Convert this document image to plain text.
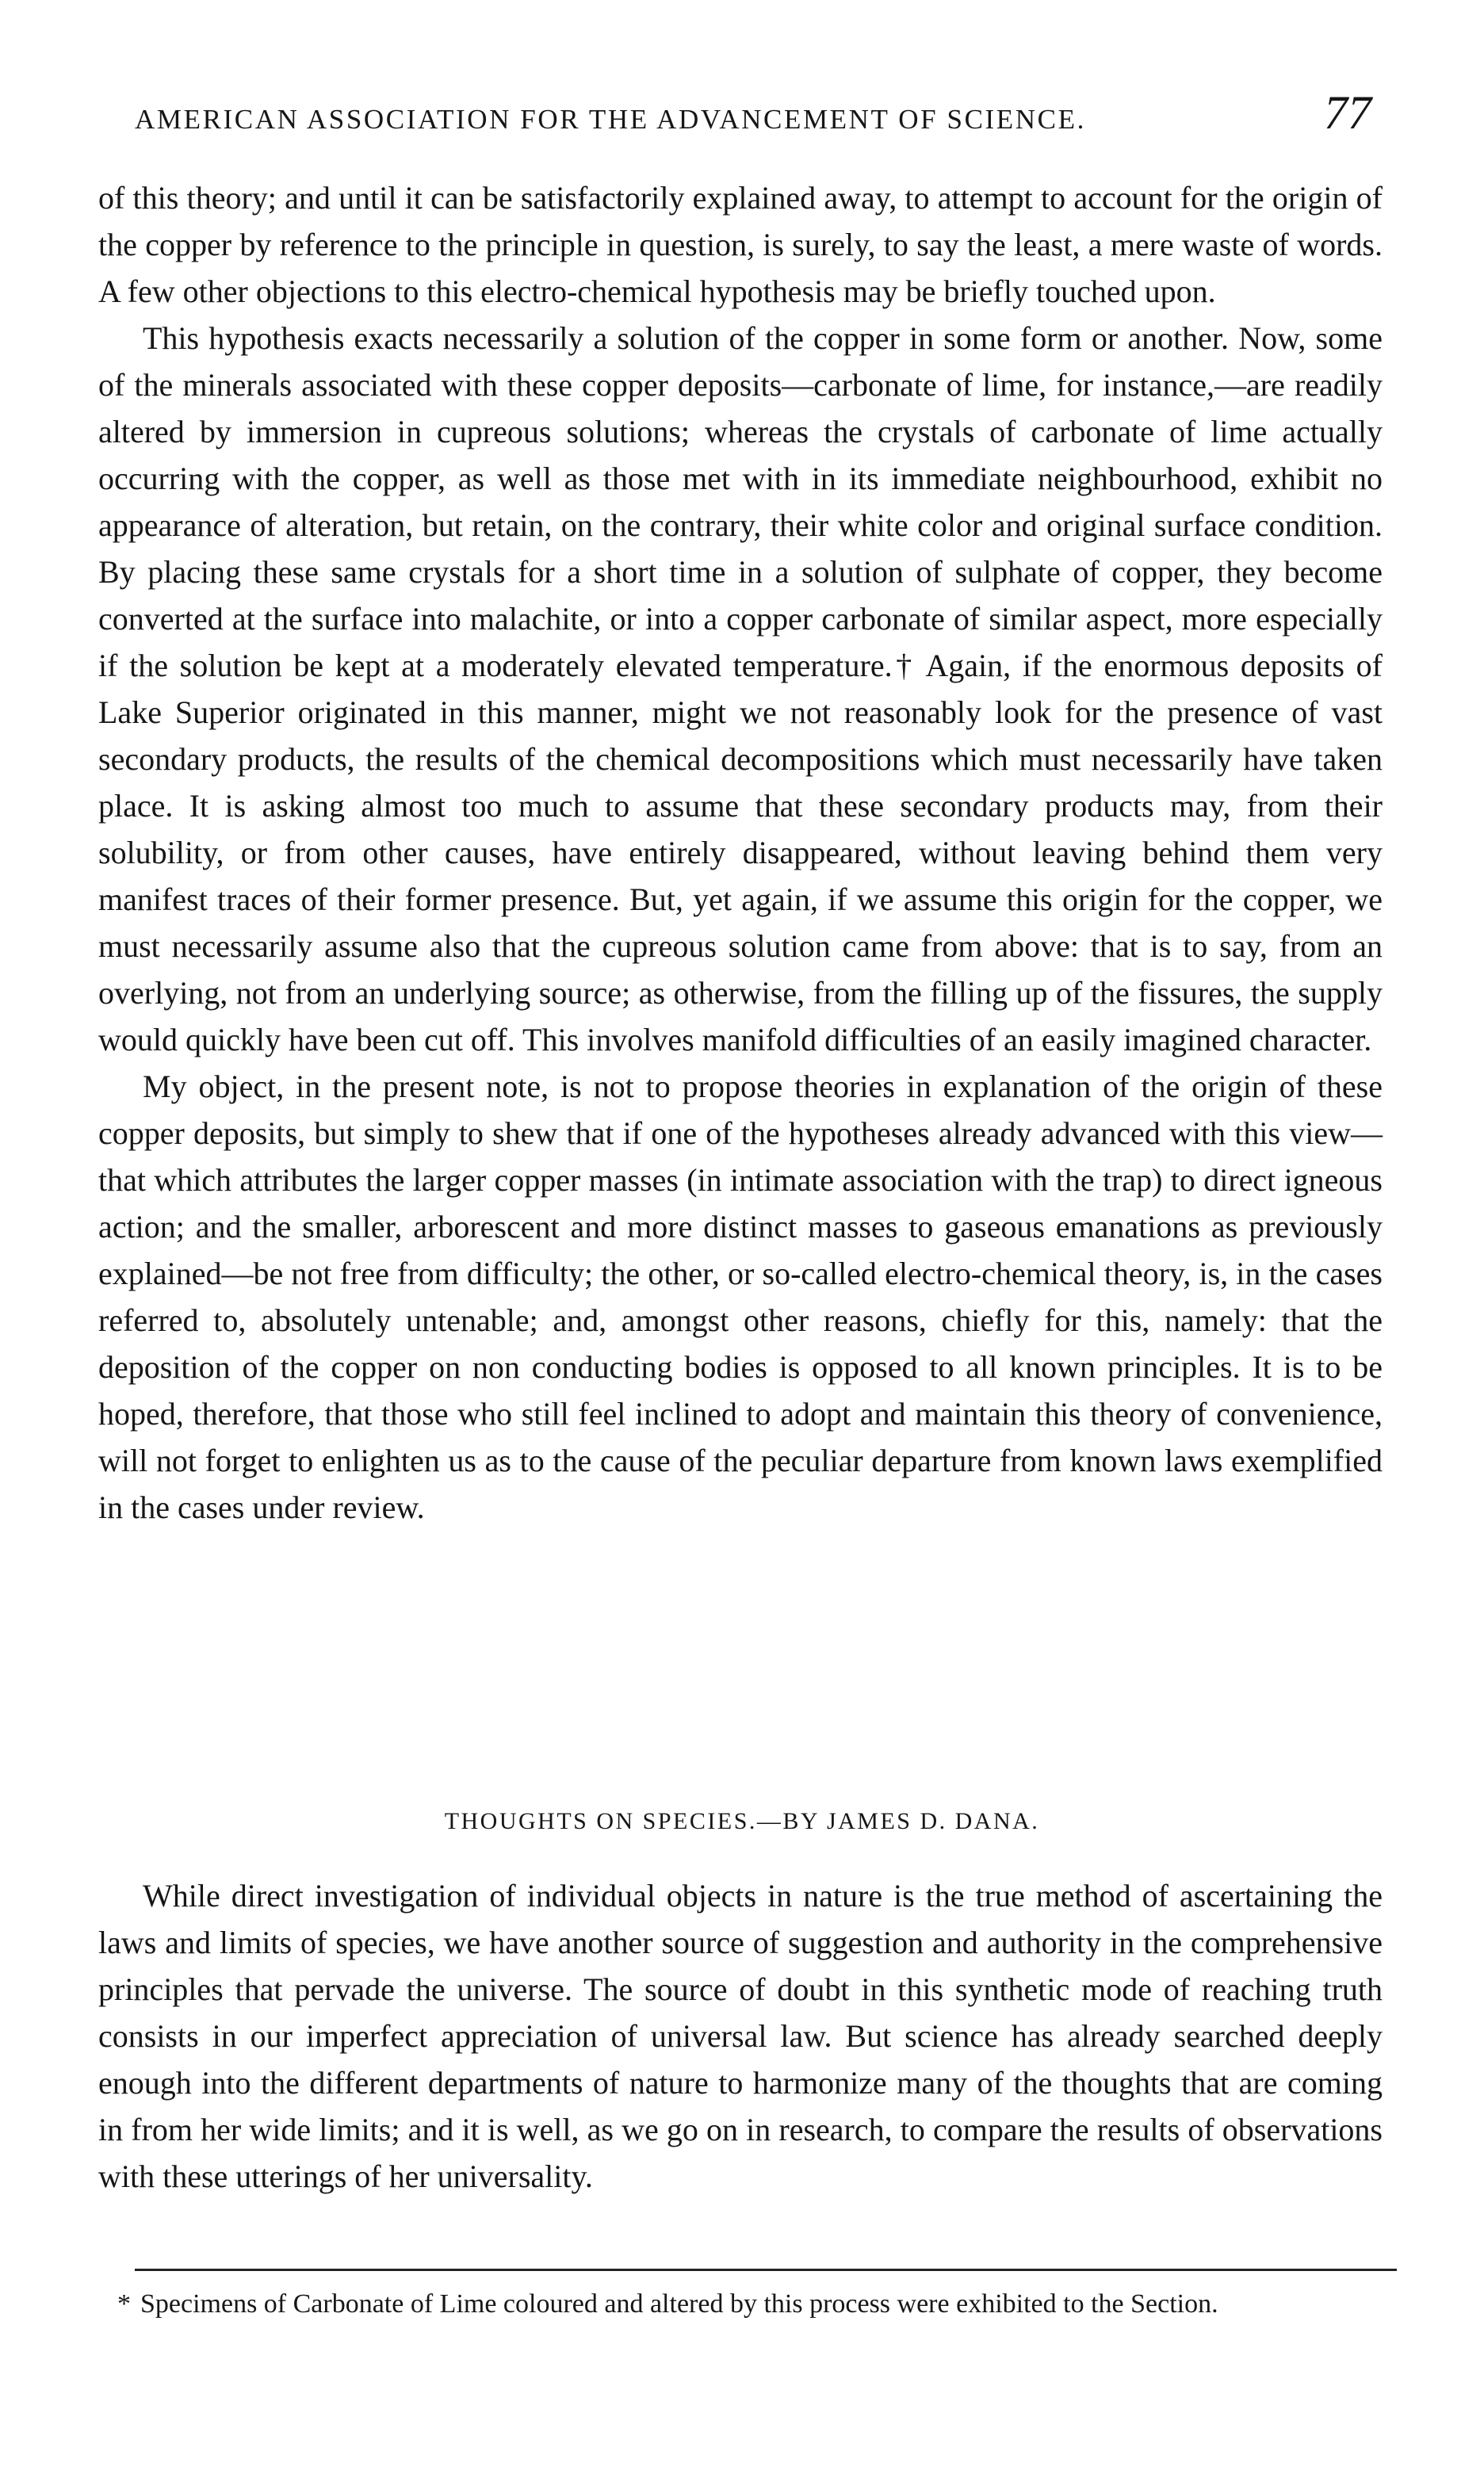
AMERICAN ASSOCIATION FOR THE ADVANCEMENT OF SCIENCE.	77

of this theory; and until it can be satisfactorily explained away, to attempt to account for the origin of the copper by reference to the principle in question, is surely, to say the least, a mere waste of words. A few other objections to this electro-chemical hypothesis may be briefly touched upon.

This hypothesis exacts necessarily a solution of the copper in some form or another. Now, some of the minerals associated with these copper deposits—carbonate of lime, for instance,—are readily altered by immersion in cupreous solutions; whereas the crystals of carbonate of lime actually occurring with the copper, as well as those met with in its immediate neighbourhood, exhibit no appearance of alteration, but retain, on the contrary, their white color and original surface condition. By placing these same crystals for a short time in a solution of sulphate of copper, they become converted at the surface into malachite, or into a copper carbonate of similar aspect, more especially if the solution be kept at a moderately elevated temperature.† Again, if the enormous deposits of Lake Superior originated in this manner, might we not reasonably look for the presence of vast secondary products, the results of the chemical decompositions which must necessarily have taken place. It is asking almost too much to assume that these secondary products may, from their solubility, or from other causes, have entirely disappeared, without leaving behind them very manifest traces of their former presence. But, yet again, if we assume this origin for the copper, we must necessarily assume also that the cupreous solution came from above: that is to say, from an overlying, not from an underlying source; as otherwise, from the filling up of the fissures, the supply would quickly have been cut off. This involves manifold difficulties of an easily imagined character.

My object, in the present note, is not to propose theories in explanation of the origin of these copper deposits, but simply to shew that if one of the hypotheses already advanced with this view—that which attributes the larger copper masses (in intimate association with the trap) to direct igneous action; and the smaller, arborescent and more distinct masses to gaseous emanations as previously explained—be not free from difficulty; the other, or so-called electro-chemical theory, is, in the cases referred to, absolutely untenable; and, amongst other reasons, chiefly for this, namely: that the deposition of the copper on non conducting bodies is opposed to all known principles. It is to be hoped, therefore, that those who still feel inclined to adopt and maintain this theory of convenience, will not forget to enlighten us as to the cause of the peculiar departure from known laws exemplified in the cases under review.

THOUGHTS ON SPECIES.—BY JAMES D. DANA.

While direct investigation of individual objects in nature is the true method of ascertaining the laws and limits of species, we have another source of suggestion and authority in the comprehensive principles that pervade the universe. The source of doubt in this synthetic mode of reaching truth consists in our imperfect appreciation of universal law. But science has already searched deeply enough into the different departments of nature to harmonize many of the thoughts that are coming in from her wide limits; and it is well, as we go on in research, to compare the results of observations with these utterings of her universality.

* Specimens of Carbonate of Lime coloured and altered by this process were exhibited to the Section.
